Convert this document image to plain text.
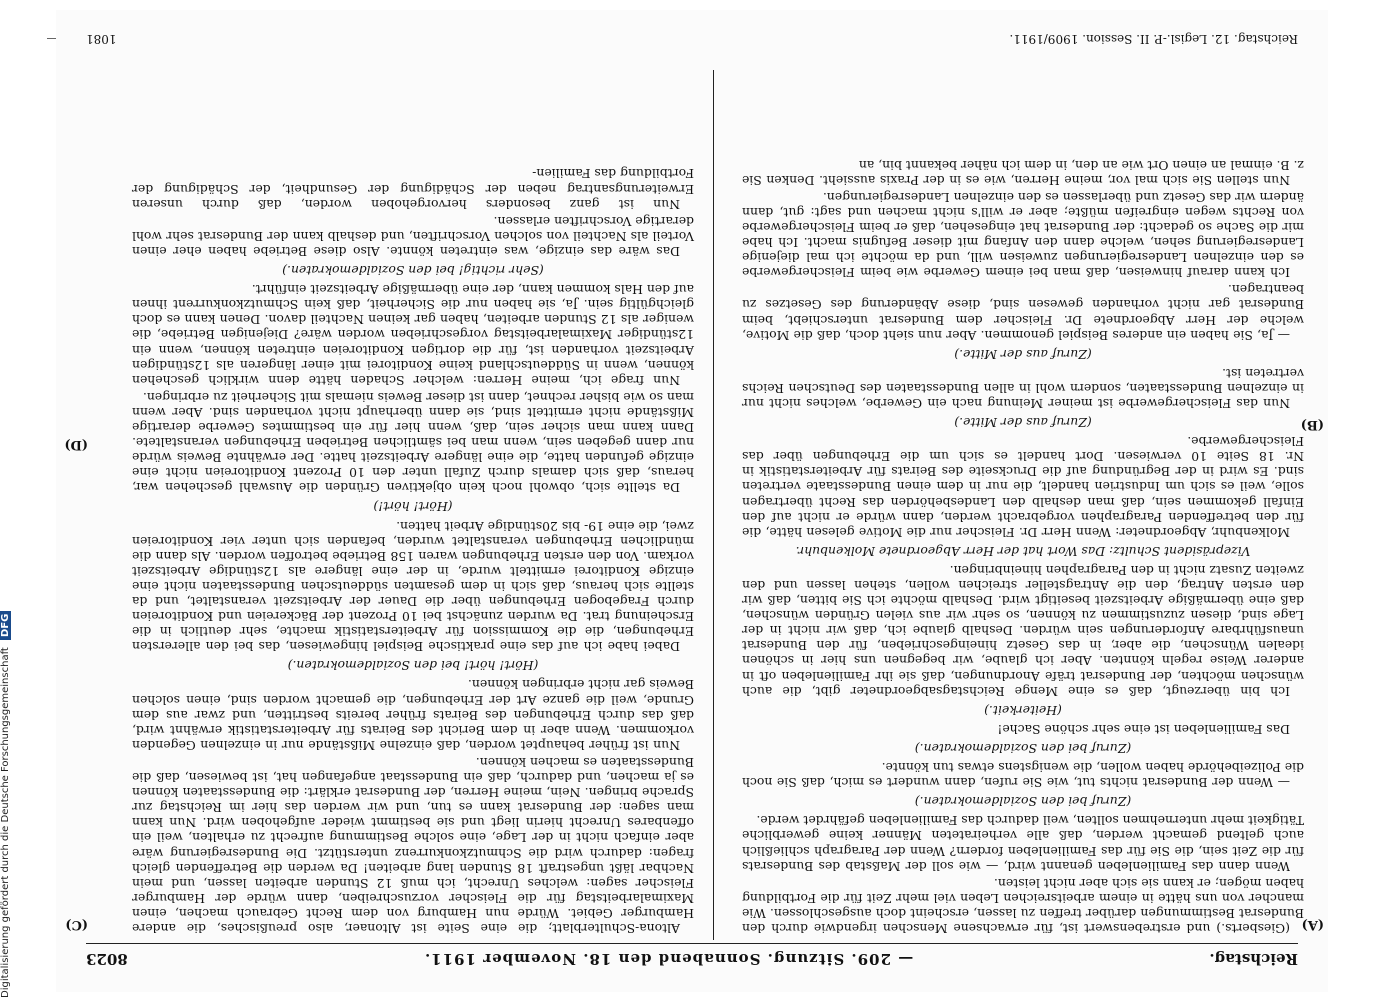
Reichstag.
— 209. Sitzung. Sonnabend den 18. November 1911.
8023
(A)
(B)
(C)
(D)

(Giesberts.) und erstrebenswert ist, für erwachsene Menschen irgendwie durch den Bundesrat Bestimmungen darüber treffen zu lassen, erscheint doch ausgeschlossen. Wie mancher von uns hätte in einem arbeitsreichen Leben viel mehr Zeit für die Fortbildung haben mögen; er kann sie sich aber nicht leisten.

Wenn dann das Familienleben genannt wird, — wie soll der Maßstab des Bundesrats für die Zeit sein, die Sie für das Familienleben fordern? Wenn der Paragraph schließlich auch geltend gemacht werden, daß alle verheirateten Männer keine gewerbliche Tätigkeit mehr unternehmen sollten, weil dadurch das Familienleben gefährdet werde.

(Zuruf bei den Sozialdemokraten.)

— Wenn der Bundesrat nichts tut, wie Sie rufen, dann wundert es mich, daß Sie noch die Polizeibehörde haben wollen, die wenigstens etwas tun könnte.

(Zuruf bei den Sozialdemokraten.)

Das Familienleben ist eine sehr schöne Sache!

(Heiterkeit.)

Ich bin überzeugt, daß es eine Menge Reichstagsabgeordneter gibt, die auch wünschen möchten, der Bundesrat träfe Anordnungen, daß sie ihr Familienleben oft in anderer Weise regeln könnten. Aber ich glaube, wir begegnen uns hier in schönen idealen Wünschen, die aber, in das Gesetz hineingeschrieben, für den Bundesrat unausführbare Anforderungen sein würden. Deshalb glaube ich, daß wir nicht in der Lage sind, diesen zuzustimmen zu können, so sehr wir aus vielen Gründen wünschen, daß eine übermäßige Arbeitszeit beseitigt wird. Deshalb möchte ich Sie bitten, daß wir den ersten Antrag, den die Antragsteller streichen wollen, stehen lassen und den zweiten Zusatz nicht in den Paragraphen hineinbringen.

Vizepräsident Schultz: Das Wort hat der Herr Abgeordnete Molkenbuhr.

Molkenbuhr, Abgeordneter: Wenn Herr Dr. Fleischer nur die Motive gelesen hätte, die für den betreffenden Paragraphen vorgebracht werden, dann würde er nicht auf den Einfall gekommen sein, daß man deshalb den Landesbehörden das Recht übertragen solle, weil es sich um Industrien handelt, die nur in dem einen Bundesstaate vertreten sind. Es wird in der Begründung auf die Druckseite des Beirats für Arbeiterstatistik in Nr. 18 Seite 10 verwiesen. Dort handelt es sich um die Erhebungen über das Fleischergewerbe.

(Zuruf aus der Mitte.)

Nun das Fleischergewerbe ist meiner Meinung nach ein Gewerbe, welches nicht nur in einzelnen Bundesstaaten, sondern wohl in allen Bundesstaaten des Deutschen Reichs vertreten ist.

(Zuruf aus der Mitte.)

— Ja, Sie haben ein anderes Beispiel genommen. Aber nun sieht doch, daß die Motive, welche der Herr Abgeordnete Dr. Fleischer dem Bundesrat unterschiebt, beim Bundesrat gar nicht vorhanden gewesen sind, diese Abänderung des Gesetzes zu beantragen.

Ich kann darauf hinweisen, daß man bei einem Gewerbe wie beim Fleischergewerbe es den einzelnen Landesregierungen zuweisen will, und da möchte ich mal diejenige Landesregierung sehen, welche dann den Anfang mit dieser Befugnis macht. Ich habe mir die Sache so gedacht: der Bundesrat hat eingesehen, daß er beim Fleischergewerbe von Rechts wegen eingreifen müßte; aber er will's nicht machen und sagt: gut, dann ändern wir das Gesetz und überlassen es den einzelnen Landesregierungen.

Nun stellen Sie sich mal vor, meine Herren, wie es in der Praxis aussieht. Denken Sie z. B. einmal an einen Ort wie an den, in dem ich näher bekannt bin, an

Altona-Schulterblatt; die eine Seite ist Altonaer, also preußisches, die andere Hamburger Gebiet. Würde nun Hamburg von dem Recht Gebrauch machen, einen Maximalarbeitstag für die Fleischer vorzuschreiben, dann würde der Hamburger Fleischer sagen: welches Unrecht, ich muß 12 Stunden arbeiten lassen, und mein Nachbar läßt ungestraft 18 Stunden lang arbeiten! Da werden die Betreffenden gleich fragen: dadurch wird die Schmutzkonkurrenz unterstützt. Die Bundesregierung wäre aber einfach nicht in der Lage, eine solche Bestimmung aufrecht zu erhalten, weil ein offenbares Unrecht hierin liegt und sie bestimmt wieder aufgehoben wird. Nun kann man sagen: der Bundesrat kann es tun, und wir werden das hier im Reichstag zur Sprache bringen. Nein, meine Herren, der Bundesrat erklärt: die Bundesstaaten können es ja machen, und dadurch, daß ein Bundesstaat angefangen hat, ist bewiesen, daß die Bundesstaaten es machen können.

Nun ist früher behauptet worden, daß einzelne Mißstände nur in einzelnen Gegenden vorkommen. Wenn aber in dem Bericht des Beirats für Arbeiterstatistik erwähnt wird, daß das durch Erhebungen des Beirats früher bereits bestritten, und zwar aus dem Grunde, weil die ganze Art der Erhebungen, die gemacht worden sind, einen solchen Beweis gar nicht erbringen können.

(Hört! hört! bei den Sozialdemokraten.)

Dabei habe ich auf das eine praktische Beispiel hingewiesen, das bei den allerersten Erhebungen, die die Kommission für Arbeiterstatistik machte, sehr deutlich in die Erscheinung trat. Da wurden zunächst bei 10 Prozent der Bäckereien und Konditoreien durch Fragebogen Erhebungen über die Dauer der Arbeitszeit veranstaltet, und da stellte sich heraus, daß sich in dem gesamten süddeutschen Bundesstaaten nicht eine einzige Konditorei ermittelt wurde, in der eine längere als 12stündige Arbeitszeit vorkam. Von den ersten Erhebungen waren 158 Betriebe betroffen worden. Als dann die mündlichen Erhebungen veranstaltet wurden, befanden sich unter vier Konditoreien zwei, die eine 19- bis 20stündige Arbeit hatten.

(Hört! hört!)

Da stellte sich, obwohl noch kein objektiven Gründen die Auswahl geschehen war, heraus, daß sich damals durch Zufall unter den 10 Prozent Konditoreien nicht eine einzige gefunden hatte, die eine längere Arbeitszeit hatte. Der erwähnte Beweis würde nur dann gegeben sein, wenn man bei sämtlichen Betrieben Erhebungen veranstaltete. Dann kann man sicher sein, daß, wenn hier für ein bestimmtes Gewerbe derartige Mißstände nicht ermittelt sind, sie dann überhaupt nicht vorhanden sind. Aber wenn man so wie bisher rechnet, dann ist dieser Beweis niemals mit Sicherheit zu erbringen.

Nun frage ich, meine Herren: welcher Schaden hätte denn wirklich geschehen können, wenn in Süddeutschland keine Konditorei mit einer längeren als 12stündigen Arbeitszeit vorhanden ist, für die dortigen Konditoreien eintreten können, wenn ein 12stündiger Maximalarbeitstag vorgeschrieben worden wäre? Diejenigen Betriebe, die weniger als 12 Stunden arbeiten, haben gar keinen Nachteil davon. Denen kann es doch gleichgültig sein. Ja, sie haben nur die Sicherheit, daß kein Schmutzkonkurrent ihnen auf den Hals kommen kann, der eine übermäßige Arbeitszeit einführt.

(Sehr richtig! bei den Sozialdemokraten.)

Das wäre das einzige, was eintreten könnte. Also diese Betriebe haben eher einen Vorteil als Nachteil von solchen Vorschriften, und deshalb kann der Bundesrat sehr wohl derartige Vorschriften erlassen.

Nun ist ganz besonders hervorgehoben worden, daß durch unseren Erweiterungsantrag neben der Schädigung der Gesundheit, der Schädigung der Fortbildung das Familien-

Reichstag. 12. Legisl.-P. II. Session. 1909/1911.
1081
Digitalisierung gefördert durch die Deutsche Forschungsgemeinschaft DFG
